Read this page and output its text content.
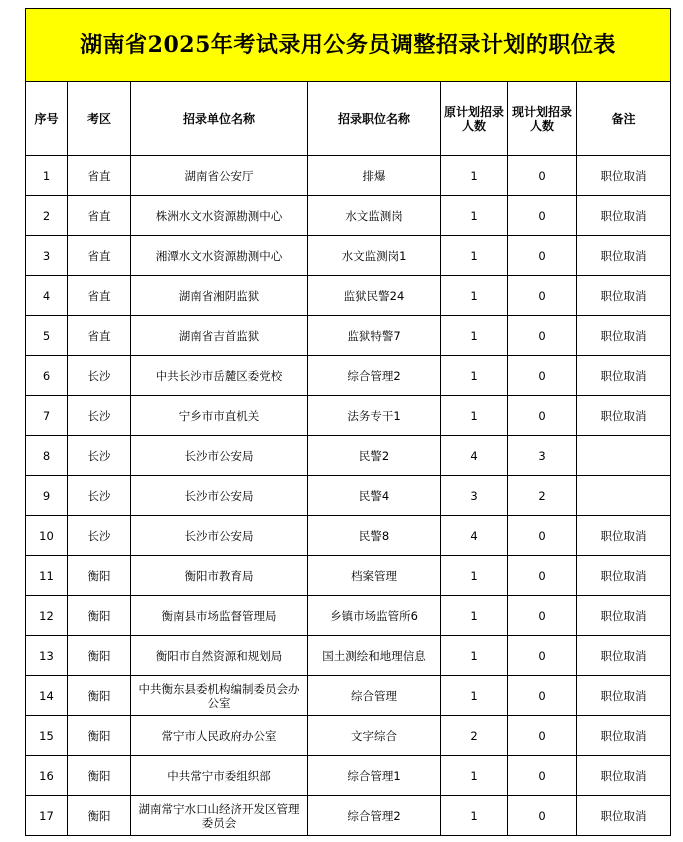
湖南省2025年考试录用公务员调整招录计划的职位表						
序号	考区	招录单位名称	招录职位名称	原计划招录人数	现计划招录人数	备注
1	省直	湖南省公安厅	排爆	1	0	职位取消
2	省直	株洲水文水资源勘测中心	水文监测岗	1	0	职位取消
3	省直	湘潭水文水资源勘测中心	水文监测岗1	1	0	职位取消
4	省直	湖南省湘阴监狱	监狱民警24	1	0	职位取消
5	省直	湖南省吉首监狱	监狱特警7	1	0	职位取消
6	长沙	中共长沙市岳麓区委党校	综合管理2	1	0	职位取消
7	长沙	宁乡市市直机关	法务专干1	1	0	职位取消
8	长沙	长沙市公安局	民警2	4	3	
9	长沙	长沙市公安局	民警4	3	2	
10	长沙	长沙市公安局	民警8	4	0	职位取消
11	衡阳	衡阳市教育局	档案管理	1	0	职位取消
12	衡阳	衡南县市场监督管理局	乡镇市场监管所6	1	0	职位取消
13	衡阳	衡阳市自然资源和规划局	国土测绘和地理信息	1	0	职位取消
14	衡阳	中共衡东县委机构编制委员会办公室	综合管理	1	0	职位取消
15	衡阳	常宁市人民政府办公室	文字综合	2	0	职位取消
16	衡阳	中共常宁市委组织部	综合管理1	1	0	职位取消
17	衡阳	湖南常宁水口山经济开发区管理委员会	综合管理2	1	0	职位取消
